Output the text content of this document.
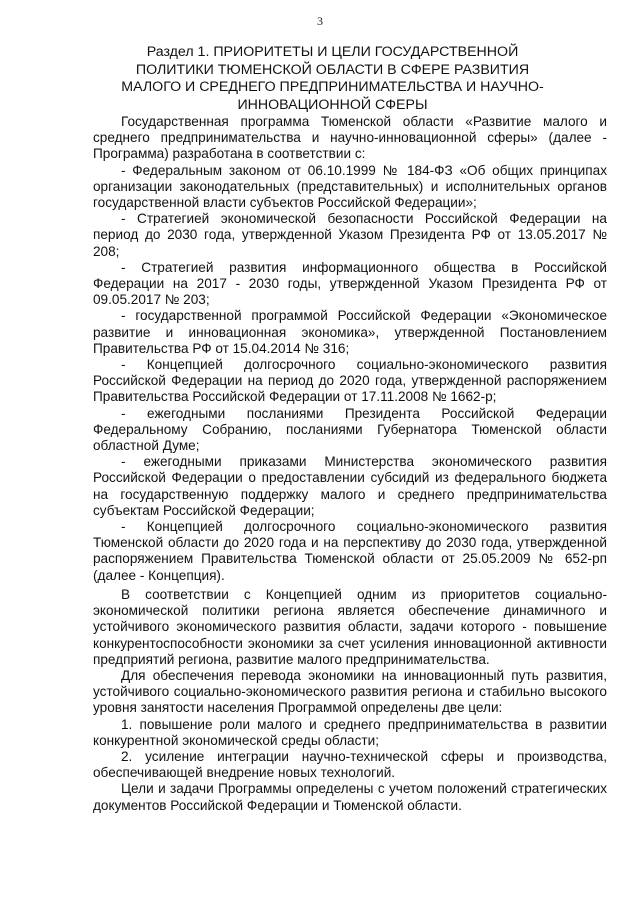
3
Раздел 1. ПРИОРИТЕТЫ И ЦЕЛИ ГОСУДАРСТВЕННОЙ ПОЛИТИКИ ТЮМЕНСКОЙ ОБЛАСТИ В СФЕРЕ РАЗВИТИЯ МАЛОГО И СРЕДНЕГО ПРЕДПРИНИМАТЕЛЬСТВА И НАУЧНО-ИННОВАЦИОННОЙ СФЕРЫ

Государственная программа Тюменской области «Развитие малого и среднего предпринимательства и научно-инновационной сферы» (далее - Программа) разработана в соответствии с:

- Федеральным законом от 06.10.1999 № 184-ФЗ «Об общих принципах организации законодательных (представительных) и исполнительных органов государственной власти субъектов Российской Федерации»;

- Стратегией экономической безопасности Российской Федерации на период до 2030 года, утвержденной Указом Президента РФ от 13.05.2017 № 208;

- Стратегией развития информационного общества в Российской Федерации на 2017 - 2030 годы, утвержденной Указом Президента РФ от 09.05.2017 № 203;

- государственной программой Российской Федерации «Экономическое развитие и инновационная экономика», утвержденной Постановлением Правительства РФ от 15.04.2014 № 316;

- Концепцией долгосрочного социально-экономического развития Российской Федерации на период до 2020 года, утвержденной распоряжением Правительства Российской Федерации от 17.11.2008 № 1662-р;

- ежегодными посланиями Президента Российской Федерации Федеральному Собранию, посланиями Губернатора Тюменской области областной Думе;

- ежегодными приказами Министерства экономического развития Российской Федерации о предоставлении субсидий из федерального бюджета на государственную поддержку малого и среднего предпринимательства субъектам Российской Федерации;

- Концепцией долгосрочного социально-экономического развития Тюменской области до 2020 года и на перспективу до 2030 года, утвержденной распоряжением Правительства Тюменской области от 25.05.2009 № 652-рп (далее - Концепция).

В соответствии с Концепцией одним из приоритетов социально-экономической политики региона является обеспечение динамичного и устойчивого экономического развития области, задачи которого - повышение конкурентоспособности экономики за счет усиления инновационной активности предприятий региона, развитие малого предпринимательства.

Для обеспечения перевода экономики на инновационный путь развития, устойчивого социально-экономического развития региона и стабильно высокого уровня занятости населения Программой определены две цели:

1. повышение роли малого и среднего предпринимательства в развитии конкурентной экономической среды области;

2. усиление интеграции научно-технической сферы и производства, обеспечивающей внедрение новых технологий.

Цели и задачи Программы определены с учетом положений стратегических документов Российской Федерации и Тюменской области.
